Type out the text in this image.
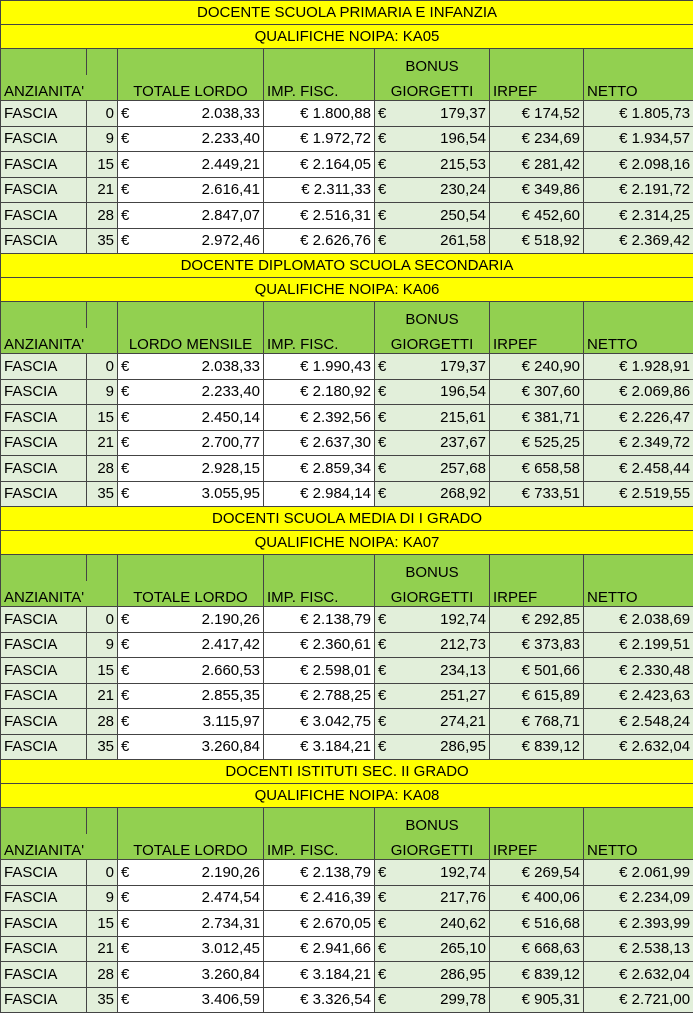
DOCENTE SCUOLA PRIMARIA E INFANZIA						
QUALIFICHE NOIPA: KA05						
				BONUS		
ANZIANITA'		TOTALE LORDO	IMP. FISC.	GIORGETTI	IRPEF	NETTO
FASCIA	0	€ 2.038,33	€ 1.800,88	€ 179,37	€ 174,52	€ 1.805,73
FASCIA	9	€ 2.233,40	€ 1.972,72	€ 196,54	€ 234,69	€ 1.934,57
FASCIA	15	€ 2.449,21	€ 2.164,05	€ 215,53	€ 281,42	€ 2.098,16
FASCIA	21	€ 2.616,41	€ 2.311,33	€ 230,24	€ 349,86	€ 2.191,72
FASCIA	28	€ 2.847,07	€ 2.516,31	€ 250,54	€ 452,60	€ 2.314,25
FASCIA	35	€ 2.972,46	€ 2.626,76	€ 261,58	€ 518,92	€ 2.369,42
DOCENTE DIPLOMATO SCUOLA SECONDARIA						
QUALIFICHE NOIPA: KA06						
				BONUS		
ANZIANITA'		LORDO MENSILE	IMP. FISC.	GIORGETTI	IRPEF	NETTO
FASCIA	0	€ 2.038,33	€ 1.990,43	€ 179,37	€ 240,90	€ 1.928,91
FASCIA	9	€ 2.233,40	€ 2.180,92	€ 196,54	€ 307,60	€ 2.069,86
FASCIA	15	€ 2.450,14	€ 2.392,56	€ 215,61	€ 381,71	€ 2.226,47
FASCIA	21	€ 2.700,77	€ 2.637,30	€ 237,67	€ 525,25	€ 2.349,72
FASCIA	28	€ 2.928,15	€ 2.859,34	€ 257,68	€ 658,58	€ 2.458,44
FASCIA	35	€ 3.055,95	€ 2.984,14	€ 268,92	€ 733,51	€ 2.519,55
DOCENTI SCUOLA MEDIA DI I GRADO						
QUALIFICHE NOIPA: KA07						
				BONUS		
ANZIANITA'		TOTALE LORDO	IMP. FISC.	GIORGETTI	IRPEF	NETTO
FASCIA	0	€ 2.190,26	€ 2.138,79	€ 192,74	€ 292,85	€ 2.038,69
FASCIA	9	€ 2.417,42	€ 2.360,61	€ 212,73	€ 373,83	€ 2.199,51
FASCIA	15	€ 2.660,53	€ 2.598,01	€ 234,13	€ 501,66	€ 2.330,48
FASCIA	21	€ 2.855,35	€ 2.788,25	€ 251,27	€ 615,89	€ 2.423,63
FASCIA	28	€ 3.115,97	€ 3.042,75	€ 274,21	€ 768,71	€ 2.548,24
FASCIA	35	€ 3.260,84	€ 3.184,21	€ 286,95	€ 839,12	€ 2.632,04
DOCENTI ISTITUTI SEC. II GRADO						
QUALIFICHE NOIPA: KA08						
				BONUS		
ANZIANITA'		TOTALE LORDO	IMP. FISC.	GIORGETTI	IRPEF	NETTO
FASCIA	0	€ 2.190,26	€ 2.138,79	€ 192,74	€ 269,54	€ 2.061,99
FASCIA	9	€ 2.474,54	€ 2.416,39	€ 217,76	€ 400,06	€ 2.234,09
FASCIA	15	€ 2.734,31	€ 2.670,05	€ 240,62	€ 516,68	€ 2.393,99
FASCIA	21	€ 3.012,45	€ 2.941,66	€ 265,10	€ 668,63	€ 2.538,13
FASCIA	28	€ 3.260,84	€ 3.184,21	€ 286,95	€ 839,12	€ 2.632,04
FASCIA	35	€ 3.406,59	€ 3.326,54	€ 299,78	€ 905,31	€ 2.721,00
